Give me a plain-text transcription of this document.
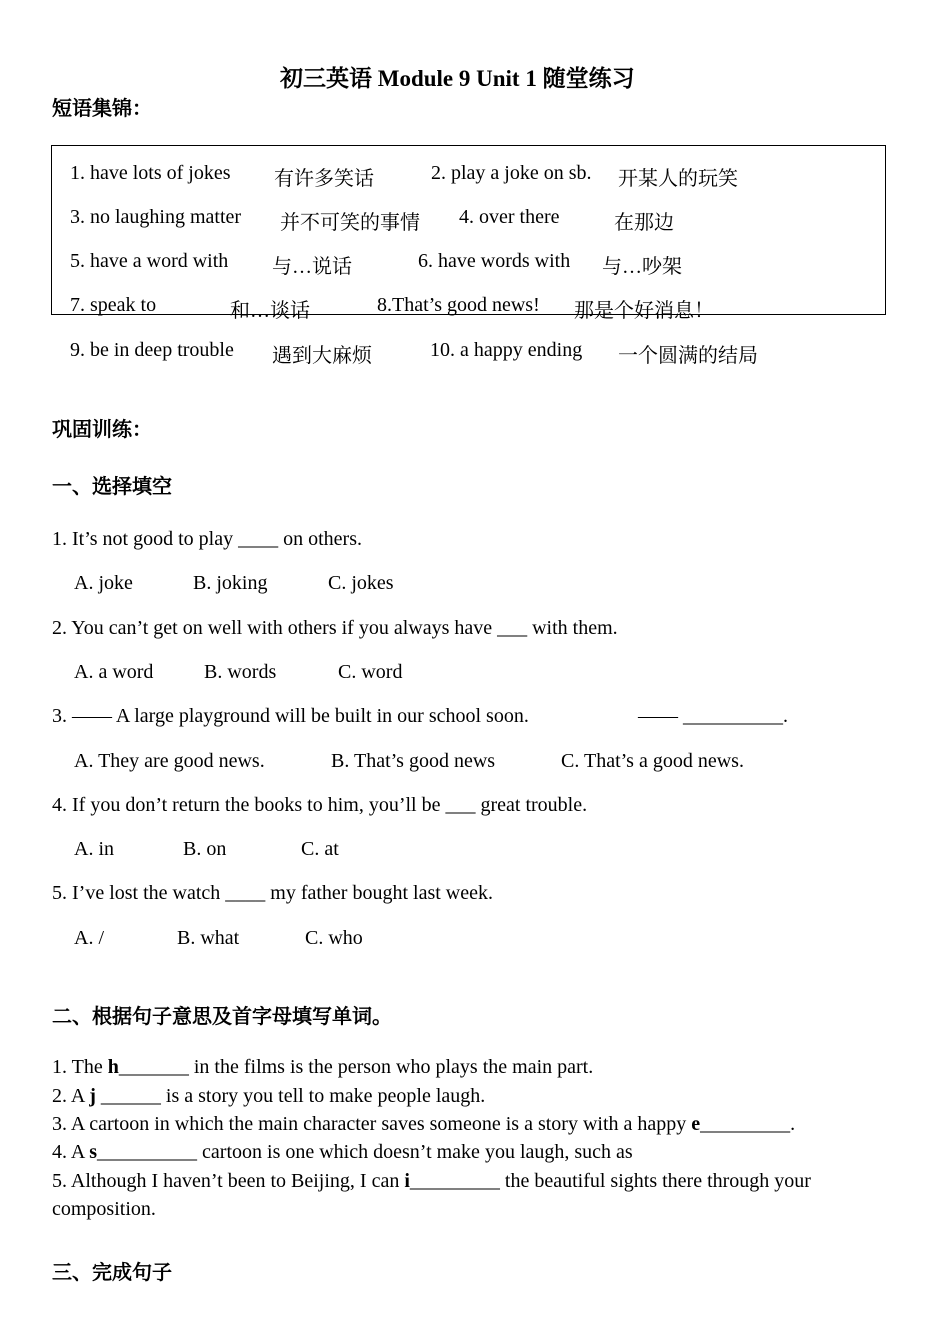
初三英语 Module 9 Unit 1 随堂练习
短语集锦：
1. have lots of jokes 有许多笑话	2. play a joke on sb. 开某人的玩笑
3. no laughing matter 并不可笑的事情 4. over there	在那边
5. have a word with 与…说话	6. have words with 与…吵架
7. speak to	和…谈话	8.That’s good news! 那是个好消息！
9. be in deep trouble 遇到大麻烦	10. a happy ending 一个圆满的结局
巩固训练：
一、选择填空
1. It’s not good to play ____ on others.
A. joke	B. joking	C. jokes
2. You can’t get on well with others if you always have ___ with them.
A. a word	B. words	C. word
3. —— A large playground will be built in our school soon.	—— __________.
A. They are good news.	B. That’s good news	C. That’s a good news.
4. If you don’t return the books to him, you’ll be ___ great trouble.
A. in	B. on	C. at
5. I’ve lost the watch ____ my father bought last week.
A. /	B. what	C. who
二、根据句子意思及首字母填写单词。
1. The h_______ in the films is the person who plays the main part.
2. A j ______ is a story you tell to make people laugh.
3. A cartoon in which the main character saves someone is a story with a happy e_________.
4. A s__________ cartoon is one which doesn’t make you laugh, such as
5. Although I haven’t been to Beijing, I can i_________ the beautiful sights there through your
composition.
三、完成句子
